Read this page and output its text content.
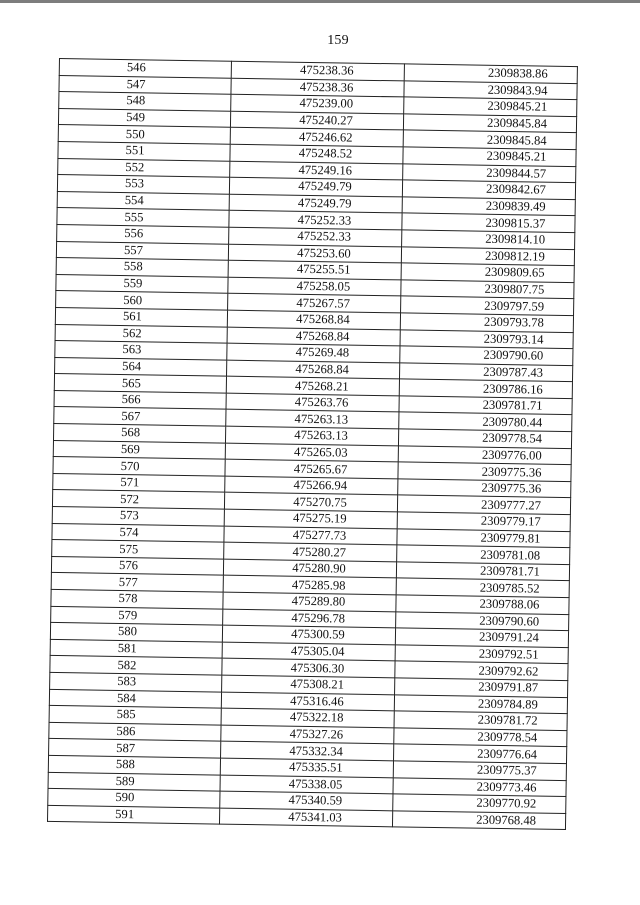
159
546	475238.36	2309838.86
547	475238.36	2309843.94
548	475239.00	2309845.21
549	475240.27	2309845.84
550	475246.62	2309845.84
551	475248.52	2309845.21
552	475249.16	2309844.57
553	475249.79	2309842.67
554	475249.79	2309839.49
555	475252.33	2309815.37
556	475252.33	2309814.10
557	475253.60	2309812.19
558	475255.51	2309809.65
559	475258.05	2309807.75
560	475267.57	2309797.59
561	475268.84	2309793.78
562	475268.84	2309793.14
563	475269.48	2309790.60
564	475268.84	2309787.43
565	475268.21	2309786.16
566	475263.76	2309781.71
567	475263.13	2309780.44
568	475263.13	2309778.54
569	475265.03	2309776.00
570	475265.67	2309775.36
571	475266.94	2309775.36
572	475270.75	2309777.27
573	475275.19	2309779.17
574	475277.73	2309779.81
575	475280.27	2309781.08
576	475280.90	2309781.71
577	475285.98	2309785.52
578	475289.80	2309788.06
579	475296.78	2309790.60
580	475300.59	2309791.24
581	475305.04	2309792.51
582	475306.30	2309792.62
583	475308.21	2309791.87
584	475316.46	2309784.89
585	475322.18	2309781.72
586	475327.26	2309778.54
587	475332.34	2309776.64
588	475335.51	2309775.37
589	475338.05	2309773.46
590	475340.59	2309770.92
591	475341.03	2309768.48
